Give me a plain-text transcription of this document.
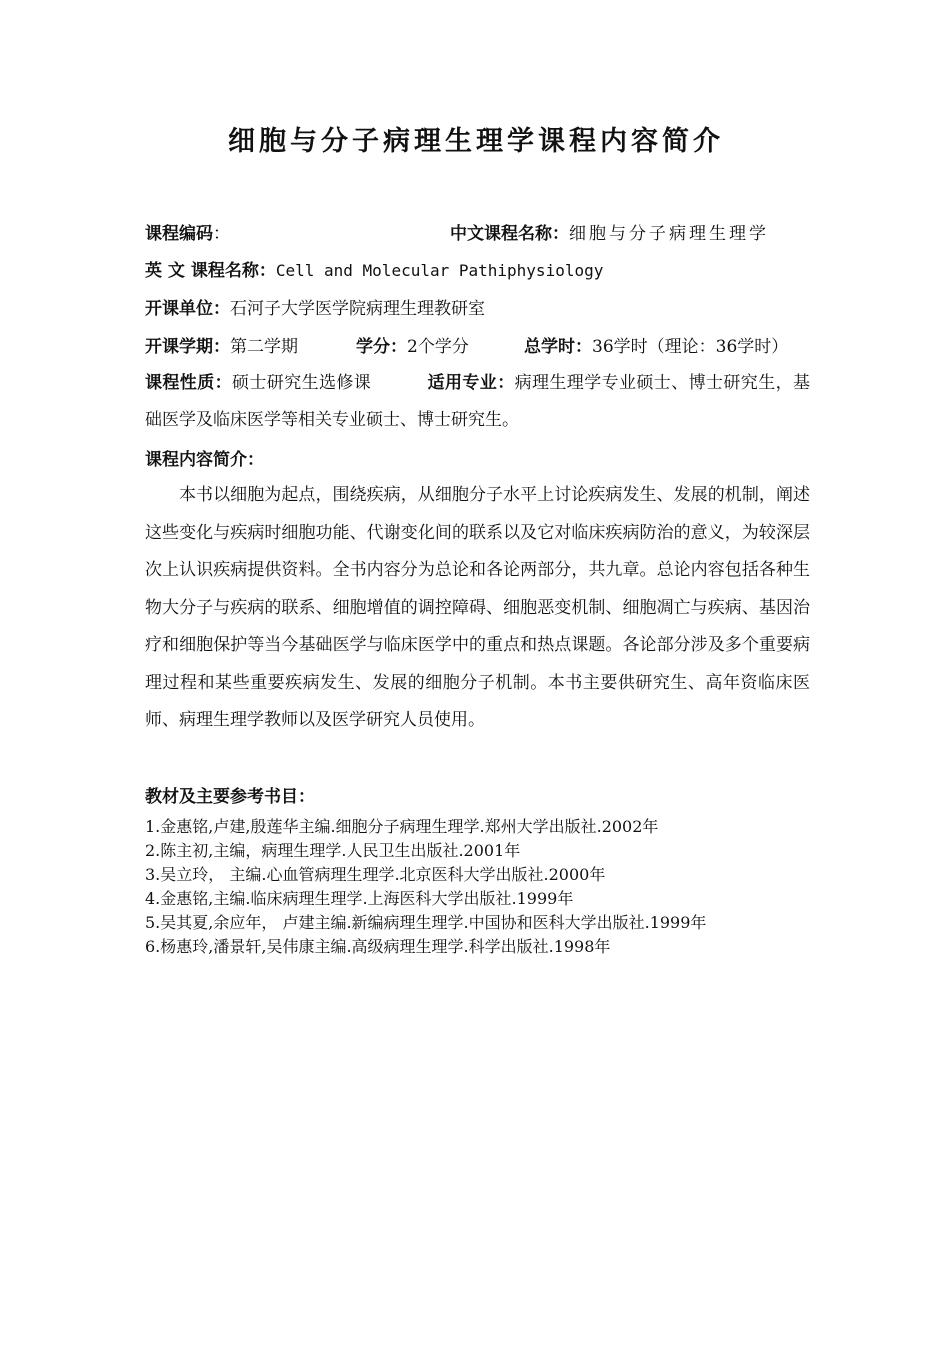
细胞与分子病理生理学课程内容简介
课程编码：	中文课程名称：细胞与分子病理生理学
英 文 课程名称：Cell and Molecular Pathiphysiology
开课单位：石河子大学医学院病理生理教研室
开课学期：第二学期	学分：2个学分	总学时：36学时（理论：36学时）
课程性质：硕士研究生选修课	适用专业：病理生理学专业硕士、博士研究生，基础医学及临床医学等相关专业硕士、博士研究生。
课程内容简介：

本书以细胞为起点，围绕疾病，从细胞分子水平上讨论疾病发生、发展的机制，阐述这些变化与疾病时细胞功能、代谢变化间的联系以及它对临床疾病防治的意义，为较深层次上认识疾病提供资料。全书内容分为总论和各论两部分，共九章。总论内容包括各种生物大分子与疾病的联系、细胞增值的调控障碍、细胞恶变机制、细胞凋亡与疾病、基因治疗和细胞保护等当今基础医学与临床医学中的重点和热点课题。各论部分涉及多个重要病理过程和某些重要疾病发生、发展的细胞分子机制。本书主要供研究生、高年资临床医师、病理生理学教师以及医学研究人员使用。

教材及主要参考书目：
1.金惠铭,卢建,殷莲华主编.细胞分子病理生理学.郑州大学出版社.2002年
2.陈主初,主编，病理生理学.人民卫生出版社.2001年
3.吴立玲， 主编.心血管病理生理学.北京医科大学出版社.2000年
4.金惠铭,主编.临床病理生理学.上海医科大学出版社.1999年
5.吴其夏,余应年， 卢建主编.新编病理生理学.中国协和医科大学出版社.1999年
6.杨惠玲,潘景轩,吴伟康主编.高级病理生理学.科学出版社.1998年
